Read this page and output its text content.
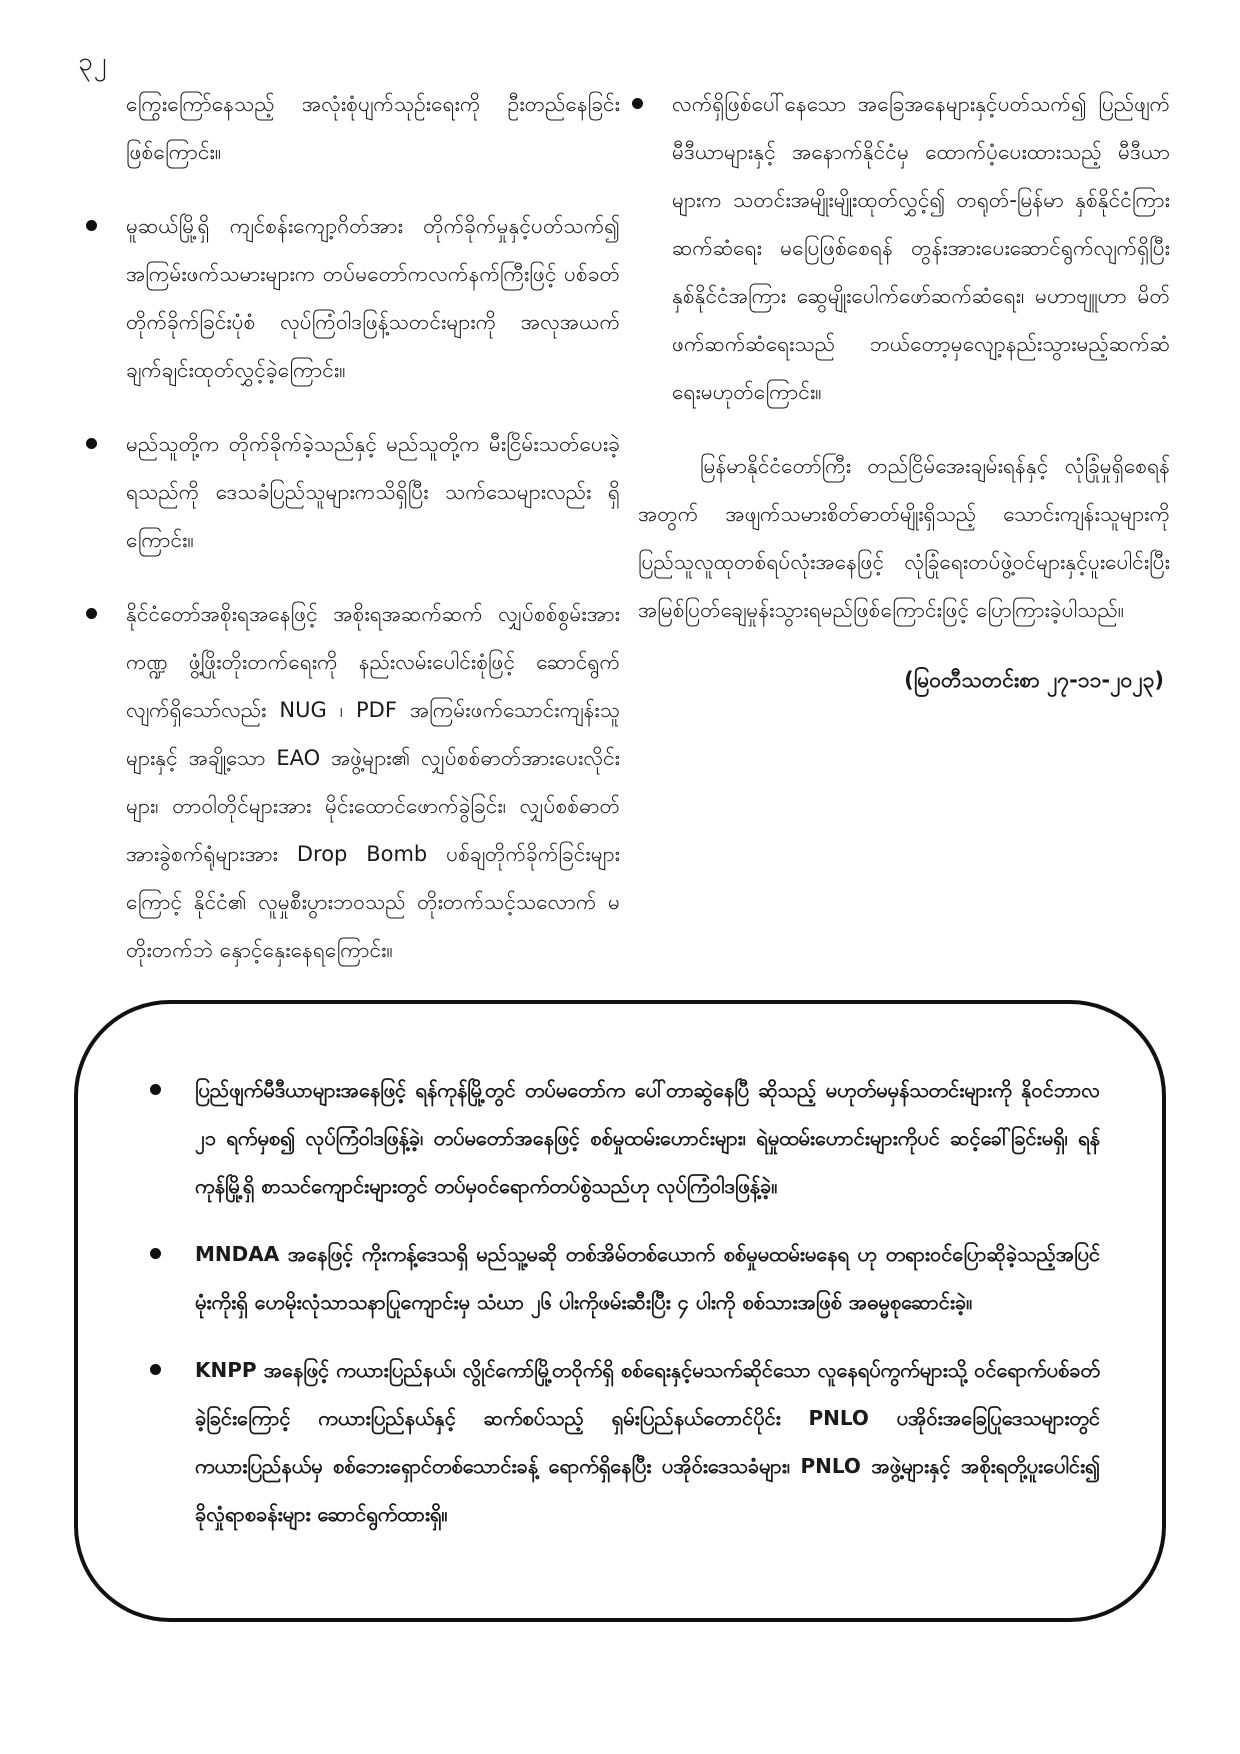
၃၂

ကြွေးကြော်နေသည့် အလုံးစုံပျက်သုဉ်းရေးကို ဦးတည်နေခြင်းဖြစ်ကြောင်း။

မူဆယ်မြို့ရှိ ကျင်စန်းကျော့ဂိတ်အား တိုက်ခိုက်မှုနှင့်ပတ်သက်၍ အကြမ်းဖက်သမားများက တပ်မတော်ကလက်နက်ကြီးဖြင့် ပစ်ခတ်တိုက်ခိုက်ခြင်းပုံစံ လုပ်ကြံဝါဒဖြန့်သတင်းများကို အလုအယက် ချက်ချင်းထုတ်လွှင့်ခဲ့ကြောင်း။

မည်သူတို့က တိုက်ခိုက်ခဲ့သည်နှင့် မည်သူတို့က မီးငြိမ်းသတ်ပေးခဲ့ရသည်ကို ဒေသခံပြည်သူများကသိရှိပြီး သက်သေများလည်း ရှိကြောင်း။

နိုင်ငံတော်အစိုးရအနေဖြင့် အစိုးရအဆက်ဆက် လျှပ်စစ်စွမ်းအားကဏ္ဍ ဖွံ့ဖြိုးတိုးတက်ရေးကို နည်းလမ်းပေါင်းစုံဖြင့် ဆောင်ရွက်လျက်ရှိသော်လည်း NUG ၊ PDF အကြမ်းဖက်သောင်းကျန်းသူများနှင့် အချို့သော EAO အဖွဲ့များ၏ လျှပ်စစ်ဓာတ်အားပေးလိုင်းများ၊ တာဝါတိုင်များအား မိုင်းထောင်ဖောက်ခွဲခြင်း၊ လျှပ်စစ်ဓာတ်အားခွဲစက်ရုံများအား Drop Bomb ပစ်ချတိုက်ခိုက်ခြင်းများကြောင့် နိုင်ငံ၏ လူမှုစီးပွားဘဝသည် တိုးတက်သင့်သလောက် မတိုးတက်ဘဲ နှောင့်နှေးနေရကြောင်း။

လက်ရှိဖြစ်ပေါ်နေသော အခြေအနေများနှင့်ပတ်သက်၍ ပြည်ဖျက်မီဒီယာများနှင့် အနောက်နိုင်ငံမှ ထောက်ပံ့ပေးထားသည့် မီဒီယာများက သတင်းအမျိုးမျိုးထုတ်လွှင့်၍ တရုတ်-မြန်မာ နှစ်နိုင်ငံကြား ဆက်ဆံရေး မပြေဖြစ်စေရန် တွန်းအားပေးဆောင်ရွက်လျက်ရှိပြီး နှစ်နိုင်ငံအကြား ဆွေမျိုးပေါက်ဖော်ဆက်ဆံရေး၊ မဟာဗျူဟာ မိတ်ဖက်ဆက်ဆံရေးသည် ဘယ်တော့မှလျော့နည်းသွားမည့်ဆက်ဆံရေးမဟုတ်ကြောင်း။

မြန်မာနိုင်ငံတော်ကြီး တည်ငြိမ်အေးချမ်းရန်နှင့် လုံခြုံမှုရှိစေရန်အတွက် အဖျက်သမားစိတ်ဓာတ်မျိုးရှိသည့် သောင်းကျန်းသူများကို ပြည်သူလူထုတစ်ရပ်လုံးအနေဖြင့် လုံခြုံရေးတပ်ဖွဲ့ဝင်များနှင့်ပူးပေါင်းပြီး အမြစ်ပြတ်ချေမှုန်းသွားရမည်ဖြစ်ကြောင်းဖြင့် ပြောကြားခဲ့ပါသည်။

(မြဝတီသတင်းစာ ၂၇-၁၁-၂၀၂၃)

ပြည်ဖျက်မီဒီယာများအနေဖြင့် ရန်ကုန်မြို့တွင် တပ်မတော်က ပေါ်တာဆွဲနေပြီ ဆိုသည့် မဟုတ်မမှန်သတင်းများကို နိုဝင်ဘာလ ၂၁ ရက်မှစ၍ လုပ်ကြံဝါဒဖြန့်ခဲ့၊ တပ်မတော်အနေဖြင့် စစ်မှုထမ်းဟောင်းများ၊ ရဲမှုထမ်းဟောင်းများကိုပင် ဆင့်ခေါ်ခြင်းမရှိ၊ ရန်ကုန်မြို့ရှိ စာသင်ကျောင်းများတွင် တပ်မှဝင်ရောက်တပ်စွဲသည်ဟု လုပ်ကြံဝါဒဖြန့်ခဲ့။

MNDAA အနေဖြင့် ကိုးကန့်ဒေသရှိ မည်သူ့မဆို တစ်အိမ်တစ်ယောက် စစ်မှုမထမ်းမနေရ ဟု တရားဝင်ပြောဆိုခဲ့သည့်အပြင် မုံးကိုးရှိ ဟေမိုးလုံသာသနာပြုကျောင်းမှ သံဃာ ၂၆ ပါးကိုဖမ်းဆီးပြီး ၄ ပါးကို စစ်သားအဖြစ် အဓမ္မစုဆောင်းခဲ့။

KNPP အနေဖြင့် ကယားပြည်နယ်၊ လွိုင်ကော်မြို့တဝိုက်ရှိ စစ်ရေးနှင့်မသက်ဆိုင်သော လူနေရပ်ကွက်များသို့ ဝင်ရောက်ပစ်ခတ်ခဲ့ခြင်းကြောင့် ကယားပြည်နယ်နှင့် ဆက်စပ်သည့် ရှမ်းပြည်နယ်တောင်ပိုင်း PNLO ပအိုဝ်းအခြေပြုဒေသများတွင် ကယားပြည်နယ်မှ စစ်ဘေးရှောင်တစ်သောင်းခန့် ရောက်ရှိနေပြီး ပအိုဝ်းဒေသခံများ၊ PNLO အဖွဲ့များနှင့် အစိုးရတို့ပူးပေါင်း၍ ခိုလှုံရာစခန်းများ ဆောင်ရွက်ထားရှိ။
